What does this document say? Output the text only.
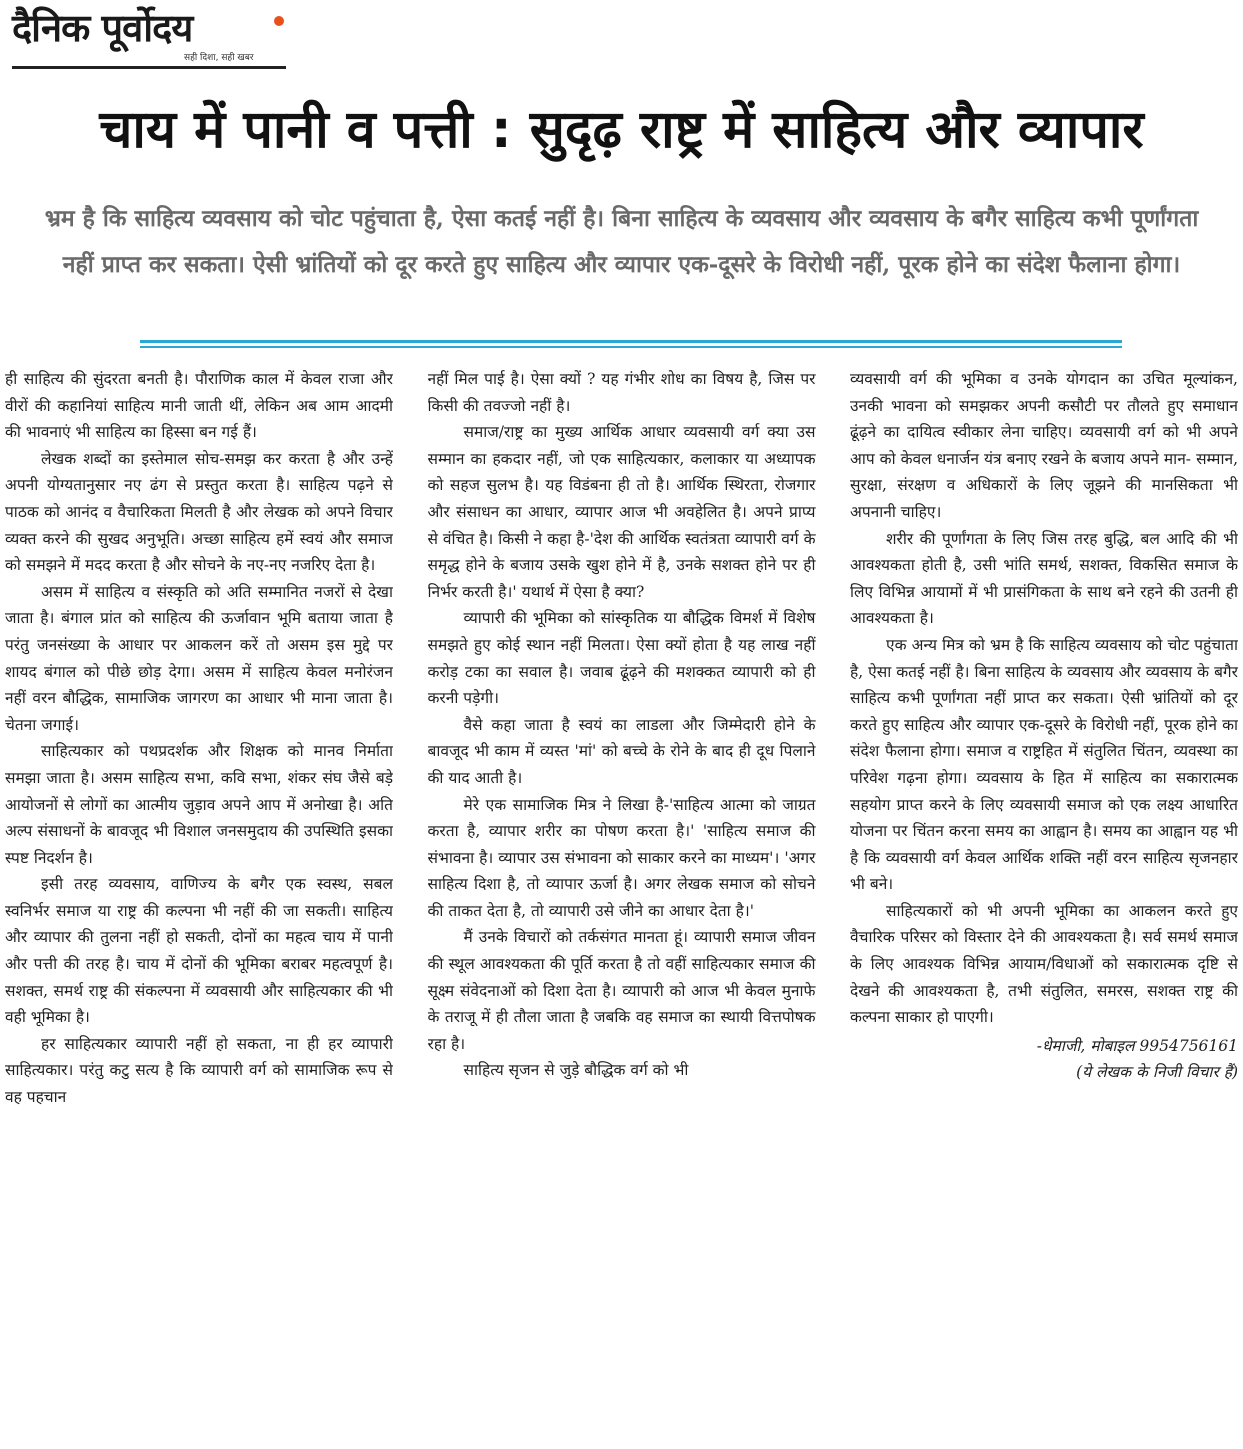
दैनिक पूर्वोदय
सही दिशा, सही खबर
चाय में पानी व पत्ती : सुदृढ़ राष्ट्र में साहित्य और व्यापार
भ्रम है कि साहित्य व्यवसाय को चोट पहुंचाता है, ऐसा कतई नहीं है। बिना साहित्य के व्यवसाय और व्यवसाय के बगैर साहित्य कभी पूर्णांगता नहीं प्राप्त कर सकता। ऐसी भ्रांतियों को दूर करते हुए साहित्य और व्यापार एक-दूसरे के विरोधी नहीं, पूरक होने का संदेश फैलाना होगा।

ही साहित्य की सुंदरता बनती है। पौराणिक काल में केवल राजा और वीरों की कहानियां साहित्य मानी जाती थीं, लेकिन अब आम आदमी की भावनाएं भी साहित्य का हिस्सा बन गई हैं।

लेखक शब्दों का इस्तेमाल सोच-समझ कर करता है और उन्हें अपनी योग्यतानुसार नए ढंग से प्रस्तुत करता है। साहित्य पढ़ने से पाठक को आनंद व वैचारिकता मिलती है और लेखक को अपने विचार व्यक्त करने की सुखद अनुभूति। अच्छा साहित्य हमें स्वयं और समाज को समझने में मदद करता है और सोचने के नए-नए नजरिए देता है।

असम में साहित्य व संस्कृति को अति सम्मानित नजरों से देखा जाता है। बंगाल प्रांत को साहित्य की ऊर्जावान भूमि बताया जाता है परंतु जनसंख्या के आधार पर आकलन करें तो असम इस मुद्दे पर शायद बंगाल को पीछे छोड़ देगा। असम में साहित्य केवल मनोरंजन नहीं वरन बौद्धिक, सामाजिक जागरण का आधार भी माना जाता है। चेतना जगाई।

साहित्यकार को पथप्रदर्शक और शिक्षक को मानव निर्माता समझा जाता है। असम साहित्य सभा, कवि सभा, शंकर संघ जैसे बड़े आयोजनों से लोगों का आत्मीय जुड़ाव अपने आप में अनोखा है। अति अल्प संसाधनों के बावजूद भी विशाल जनसमुदाय की उपस्थिति इसका स्पष्ट निदर्शन है।

इसी तरह व्यवसाय, वाणिज्य के बगैर एक स्वस्थ, सबल स्वनिर्भर समाज या राष्ट्र की कल्पना भी नहीं की जा सकती। साहित्य और व्यापार की तुलना नहीं हो सकती, दोनों का महत्व चाय में पानी और पत्ती की तरह है। चाय में दोनों की भूमिका बराबर महत्वपूर्ण है। सशक्त, समर्थ राष्ट्र की संकल्पना में व्यवसायी और साहित्यकार की भी वही भूमिका है।

हर साहित्यकार व्यापारी नहीं हो सकता, ना ही हर व्यापारी साहित्यकार। परंतु कटु सत्य है कि व्यापारी वर्ग को सामाजिक रूप से वह पहचान

नहीं मिल पाई है। ऐसा क्यों ? यह गंभीर शोध का विषय है, जिस पर किसी की तवज्जो नहीं है।

समाज/राष्ट्र का मुख्य आर्थिक आधार व्यवसायी वर्ग क्या उस सम्मान का हकदार नहीं, जो एक साहित्यकार, कलाकार या अध्यापक को सहज सुलभ है। यह विडंबना ही तो है। आर्थिक स्थिरता, रोजगार और संसाधन का आधार, व्यापार आज भी अवहेलित है। अपने प्राप्य से वंचित है। किसी ने कहा है-'देश की आर्थिक स्वतंत्रता व्यापारी वर्ग के समृद्ध होने के बजाय उसके खुश होने में है, उनके सशक्त होने पर ही निर्भर करती है।' यथार्थ में ऐसा है क्या?

व्यापारी की भूमिका को सांस्कृतिक या बौद्धिक विमर्श में विशेष समझते हुए कोई स्थान नहीं मिलता। ऐसा क्यों होता है यह लाख नहीं करोड़ टका का सवाल है। जवाब ढूंढ़ने की मशक्कत व्यापारी को ही करनी पड़ेगी।

वैसे कहा जाता है स्वयं का लाडला और जिम्मेदारी होने के बावजूद भी काम में व्यस्त 'मां' को बच्चे के रोने के बाद ही दूध पिलाने की याद आती है।

मेरे एक सामाजिक मित्र ने लिखा है-'साहित्य आत्मा को जाग्रत करता है, व्यापार शरीर का पोषण करता है।' 'साहित्य समाज की संभावना है। व्यापार उस संभावना को साकार करने का माध्यम'। 'अगर साहित्य दिशा है, तो व्यापार ऊर्जा है। अगर लेखक समाज को सोचने की ताकत देता है, तो व्यापारी उसे जीने का आधार देता है।'

मैं उनके विचारों को तर्कसंगत मानता हूं। व्यापारी समाज जीवन की स्थूल आवश्यकता की पूर्ति करता है तो वहीं साहित्यकार समाज की सूक्ष्म संवेदनाओं को दिशा देता है। व्यापारी को आज भी केवल मुनाफे के तराजू में ही तौला जाता है जबकि वह समाज का स्थायी वित्तपोषक रहा है।

साहित्य सृजन से जुड़े बौद्धिक वर्ग को भी

व्यवसायी वर्ग की भूमिका व उनके योगदान का उचित मूल्यांकन, उनकी भावना को समझकर अपनी कसौटी पर तौलते हुए समाधान ढूंढ़ने का दायित्व स्वीकार लेना चाहिए। व्यवसायी वर्ग को भी अपने आप को केवल धनार्जन यंत्र बनाए रखने के बजाय अपने मान- सम्मान, सुरक्षा, संरक्षण व अधिकारों के लिए जूझने की मानसिकता भी अपनानी चाहिए।

शरीर की पूर्णांगता के लिए जिस तरह बुद्धि, बल आदि की भी आवश्यकता होती है, उसी भांति समर्थ, सशक्त, विकसित समाज के लिए विभिन्न आयामों में भी प्रासंगिकता के साथ बने रहने की उतनी ही आवश्यकता है।

एक अन्य मित्र को भ्रम है कि साहित्य व्यवसाय को चोट पहुंचाता है, ऐसा कतई नहीं है। बिना साहित्य के व्यवसाय और व्यवसाय के बगैर साहित्य कभी पूर्णांगता नहीं प्राप्त कर सकता। ऐसी भ्रांतियों को दूर करते हुए साहित्य और व्यापार एक-दूसरे के विरोधी नहीं, पूरक होने का संदेश फैलाना होगा। समाज व राष्ट्रहित में संतुलित चिंतन, व्यवस्था का परिवेश गढ़ना होगा। व्यवसाय के हित में साहित्य का सकारात्मक सहयोग प्राप्त करने के लिए व्यवसायी समाज को एक लक्ष्य आधारित योजना पर चिंतन करना समय का आह्वान है। समय का आह्वान यह भी है कि व्यवसायी वर्ग केवल आर्थिक शक्ति नहीं वरन साहित्य सृजनहार भी बने।

साहित्यकारों को भी अपनी भूमिका का आकलन करते हुए वैचारिक परिसर को विस्तार देने की आवश्यकता है। सर्व समर्थ समाज के लिए आवश्यक विभिन्न आयाम/विधाओं को सकारात्मक दृष्टि से देखने की आवश्यकता है, तभी संतुलित, समरस, सशक्त राष्ट्र की कल्पना साकार हो पाएगी।

-धेमाजी, मोबाइल 9954756161
(ये लेखक के निजी विचार हैं)
